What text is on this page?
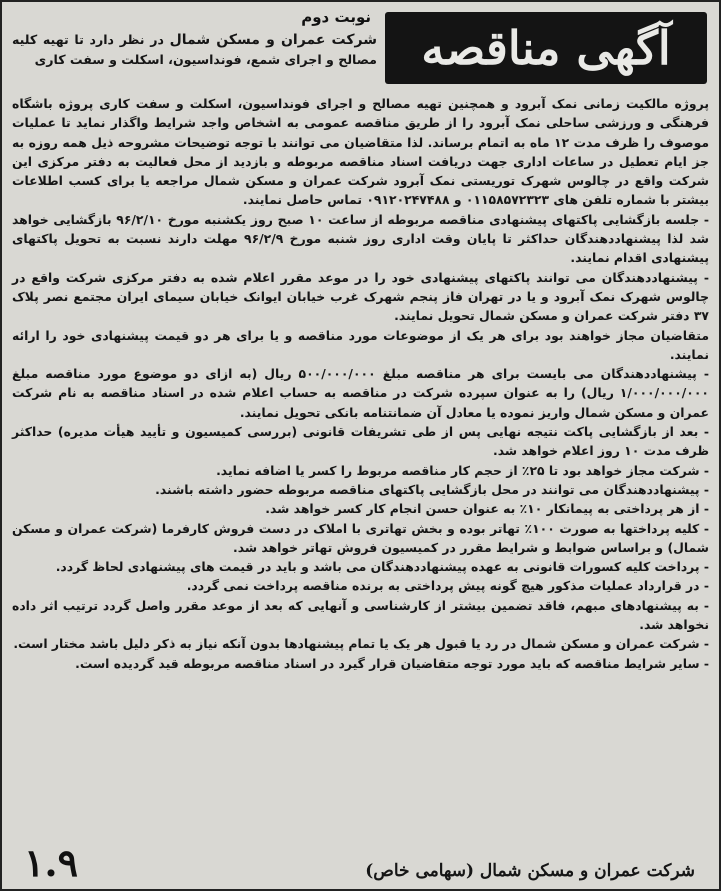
آگهی مناقصه
نوبت دوم
شرکت عمران و مسکن شمال در نظر دارد تا تهیه کلیه مصالح و اجرای شمع، فونداسیون، اسکلت و سفت کاری

پروژه مالکیت زمانی نمک آبرود و همچنین تهیه مصالح و اجرای فونداسیون، اسکلت و سفت کاری پروژه باشگاه فرهنگی و ورزشی ساحلی نمک آبرود را از طریق مناقصه عمومی به اشخاص واجد شرایط واگذار نماید تا عملیات موصوف را ظرف مدت ۱۲ ماه به اتمام برساند. لذا متقاضیان می توانند با توجه توضیحات مشروحه ذیل همه روزه به جز ایام تعطیل در ساعات اداری جهت دریافت اسناد مناقصه مربوطه و بازدید از محل فعالیت به دفتر مرکزی این شرکت واقع در چالوس شهرک توریستی نمک آبرود شرکت عمران و مسکن شمال مراجعه یا برای کسب اطلاعات بیشتر با شماره تلفن های ۰۱۱۵۸۵۷۲۳۲۳ و ۰۹۱۲۰۲۴۷۴۸۸ تماس حاصل نمایند.

- جلسه بازگشایی پاکتهای پیشنهادی مناقصه مربوطه از ساعت ۱۰ صبح روز یکشنبه مورخ ۹۶/۲/۱۰ بازگشایی خواهد شد لذا پیشنهاددهندگان حداکثر تا پایان وقت اداری روز شنبه مورخ ۹۶/۲/۹ مهلت دارند نسبت به تحویل پاکتهای پیشنهادی اقدام نمایند.

- پیشنهاددهندگان می توانند پاکتهای پیشنهادی خود را در موعد مقرر اعلام شده به دفتر مرکزی شرکت واقع در چالوس شهرک نمک آبرود و یا در تهران فاز پنجم شهرک غرب خیابان ایوانک خیابان سیمای ایران مجتمع نصر پلاک ۳۷ دفتر شرکت عمران و مسکن شمال تحویل نمایند.

متقاضیان مجاز خواهند بود برای هر یک از موضوعات مورد مناقصه و یا برای هر دو قیمت پیشنهادی خود را ارائه نمایند.

- پیشنهاددهندگان می بایست برای هر مناقصه مبلغ ۵۰۰/۰۰۰/۰۰۰ ریال (به ازای دو موضوع مورد مناقصه مبلغ ۱/۰۰۰/۰۰۰/۰۰۰ ریال) را به عنوان سپرده شرکت در مناقصه به حساب اعلام شده در اسناد مناقصه به نام شرکت عمران و مسکن شمال واریز نموده یا معادل آن ضمانتنامه بانکی تحویل نمایند.

- بعد از بازگشایی پاکت نتیجه نهایی پس از طی تشریفات قانونی (بررسی کمیسیون و تأیید هیأت مدیره) حداکثر ظرف مدت ۱۰ روز اعلام خواهد شد.

- شرکت مجاز خواهد بود تا ۲۵٪ از حجم کار مناقصه مربوط را کسر یا اضافه نماید.

- پیشنهاددهندگان می توانند در محل بازگشایی پاکتهای مناقصه مربوطه حضور داشته باشند.

- از هر پرداختی به پیمانکار ۱۰٪ به عنوان حسن انجام کار کسر خواهد شد.

- کلیه پرداختها به صورت ۱۰۰٪ تهاتر بوده و بخش تهاتری با املاک در دست فروش کارفرما (شرکت عمران و مسکن شمال) و براساس ضوابط و شرایط مقرر در کمیسیون فروش تهاتر خواهد شد.

- پرداخت کلیه کسورات قانونی به عهده پیشنهاددهندگان می باشد و باید در قیمت های پیشنهادی لحاظ گردد.

- در قرارداد عملیات مذکور هیچ گونه پیش پرداختی به برنده مناقصه پرداخت نمی گردد.

- به پیشنهادهای مبهم، فاقد تضمین بیشتر از کارشناسی و آنهایی که بعد از موعد مقرر واصل گردد ترتیب اثر داده نخواهد شد.

- شرکت عمران و مسکن شمال در رد یا قبول هر یک یا تمام پیشنهادها بدون آنکه نیاز به ذکر دلیل باشد مختار است.

- سایر شرایط مناقصه که باید مورد توجه متقاضیان قرار گیرد در اسناد مناقصه مربوطه قید گردیده است.

شرکت عمران و مسکن شمال (سهامی خاص)
۱.۹
